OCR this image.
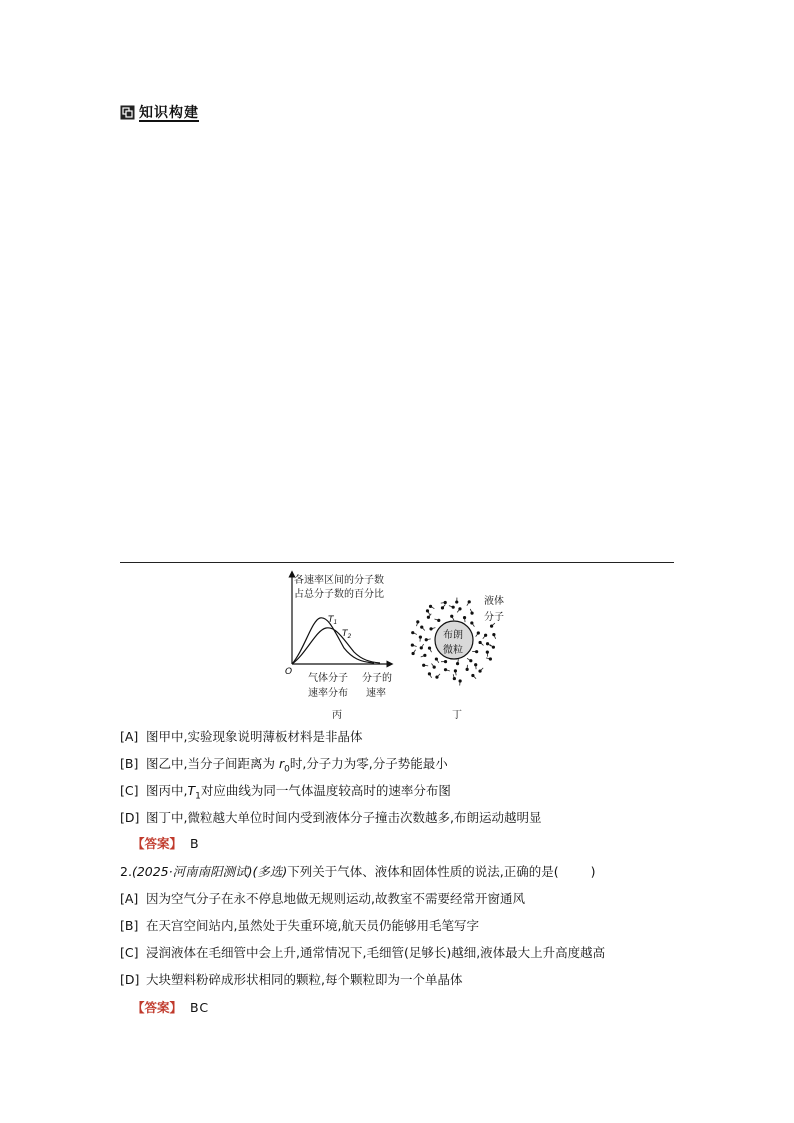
知识构建
各速率区间的分子数
占总分子数的百分比
$T_1$
$T_2$
O
气体分子
速率分布
分子的
速率
丙
布朗
微粒
液体
分子
丁
[A] 图甲中,实验现象说明薄板材料是非晶体
[B] 图乙中,当分子间距离为 $r_0$时,分子力为零,分子势能最小
[C] 图丙中$,T_1$对应曲线为同一气体温度较高时的速率分布图
[D] 图丁中,微粒越大单位时间内受到液体分子撞击次数越多,布朗运动越明显
【答案】 B
2.(2025·河南南阳测试)(多选)下列关于气体、液体和固体性质的说法,正确的是(	)
[A] 因为空气分子在永不停息地做无规则运动,故教室不需要经常开窗通风
[B] 在天宫空间站内,虽然处于失重环境,航天员仍能够用毛笔写字
[C] 浸润液体在毛细管中会上升,通常情况下,毛细管(足够长)越细,液体最大上升高度越高
[D] 大块塑料粉碎成形状相同的颗粒,每个颗粒即为一个单晶体
【答案】 BC
